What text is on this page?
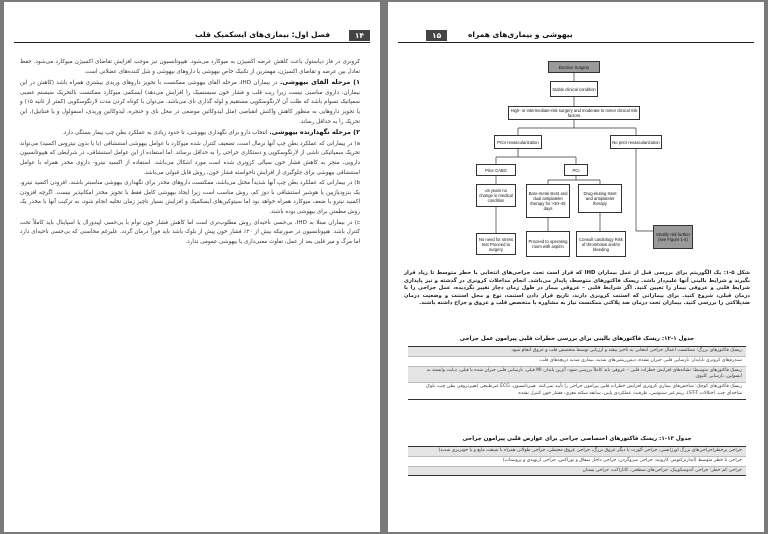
۱۴
فصل اول: بیماری‌های ایسکمیک قلب

کرونری در فاز دیاستول باعث کاهش عرضه اکسیژن به میوکارد می‌شود. هیپوتانسیون نیز موجب افزایش تقاضای اکسیژن میوکارد می‌شود. حفظ تعادل بین عرضه و تقاضای اکسیژن، مهمترین از تکنیک خاص بیهوشی یا داروهای بیهوشی و شل کننده‌های عضلانی است.

۱) مرحله القای بیهوشی. در بیماران IHD، مرحله القای بیهوشی ممکنست با تجویز داروهای وریدی بیشتری همراه باشد (کاهش در این بیماران، داروی مناسبی نیست زیرا ریت قلب و فشار خون سیستمیک را افزایش می‌دهد) ایسکمی میوکارد ممکنست بالتحریک سیستم عصبی سمپاتیک تسوام باشد که طلت آن لارنگوسکوپی مستقیم و لوله گذاری نای می‌باشد. می‌توان با کوتاه کردن مدت لارنگوسکوپی (کمتر از ثانیه ۱۵) و یا تجویز داروهایی به منظور کاهش واکنش انقباضی (مثل لیدوکائین موضعی در محل نای و حنجره، لیدوکائین وریدی، اسمولول و یا فنتانیل)، این تحریک را به حداقل رساند.

۲) مرحله نگهدارنده بیهوشی. انتخاب دارو برای نگهداری بیهوشی، تا حدود زیادی به عملکرد بطن چپ بیمار بستگی دارد.

a) در بیمارانی که عملکرد بطن چپ آنها نرمال است، تضعیف کنترل شده میوکارد با عوامل بیهوشی استنشاقی (با یا بدون نیتروس اکسید) می‌تواند تحریک سمپاتیکی ناشی از لارنگوسکوپی و دستکاری جراحی را به حداقل برساند. اما استفاده از این عوامل استنشاقی، در شرایطی که هیپوتانسیون دارویی، منجر به کاهش فشار خون سیالی کرونری شده است مورد اشکال می‌باشد. استفاده از اکسید نیترو- داروی مخدر همراه با عوامل استنشاقی بیهوشی برای جلوگیری از افزایش ناخواسته فشار خون، روش قابل قبولی می‌باشد.

b) در بیمارانی که عملکرد بطن چپ آنها شدیداً مختل می‌باشد، ممکنست داروهای مخدر برای نگهداری بیهوشی مناسبتر باشند. افزودن اکسید نیترو، یک بنزودیازپین یا هوشبر استنشاقی با دوز کم، روش مناسب است زیرا ایجاد بیهوشی کامل فقط با تجویز مخدر امکانپذیر نیست. اگرچه افزودن اکسید نیترو با ضعف میوکارد همراه خواهد بود اما سیتوکین‌های ایسکمیک و افزایش بسیار ناچیز زمان تخلیه انجام شود، به ترکیب آنها با مخدر یک روش مطمئن برای بیهوشی بوده باشند.

c) در بیماران مبتلا به IHD، بی‌حسی ناحیه‌ای روش مطلوب‌تری است اما کاهش فشار خون توأم با بی‌حسی اپیدورال یا اسپاینال باید کاملاً تحت کنترل باشد. هیپوتانسیون در صورتیکه بیش از ۲۰٪ فشار خون پیش از بلوک باشد باید فوراً درمان گردد. علیرغم محاسنی که بی‌حسی ناحیه‌ای دارد اما مرگ و میر قلبی بعد از عمل، تفاوت معنی‌داری با بیهوشی عمومی ندارد.

۱۵	بیهوشی و بیماری‌های همراه
Elective Surgery
Stable clinical condition
High- or intermediate-risk surgery and moderate to minor clinical risk factors
Prior revascularization	No prior revascularization
Prior CABG	PCI
≤5 years no change in medical condition
Bare-metal stent and dual antiplatelet therapy for >30–45 days
Drug-eluting stent and antiplatelet therapy
No need for stress test Proceed to surgery
Proceed to operating room with aspirin
Consult cardiology Risk of thrombosis and/or bleeding
Stratify risk further (see Figure 1-4)
شکل ۵-۱: یک الگوریتم برای بررسی قبل از عمل بیماران IHD که قرار است تحت جراحی‌های انتخابی با خطر متوسط تا زیاد قرار بگیرند و شرایط بالینی آنها علیم‌دار باشد. ریسک فاکتورهای متوسط، پایدار می‌باشد. انجام مداخلات کرونری در گذشته و نیز پایداری شرایط قلبی و عروقی بیمار را تعیین کنید. اگر شرایط قلبی – عروقی بیمار در طول زمان دچار تغییر نگردیده، عمل جراحی را با درمان قبلی، شروع کنید. برای بیمارانی که استنت کرونری دارند، تاریخ قرار دادن استنت، نوع و محل استنت و وضعیت درمان ضدپلاکتی را بررسی کنید. بیماران تحت درمان ضد پلاکتی ممکنست نیاز به مشاوره با متخصص قلب و عروق و جراح داشته باشند.
جدول ۱-۱۲: ریسک فاکتورهای بالینی برای بررسی خطرات قلبی پیرامون عمل جراحی
ریسک فاکتورهای بزرگ: ممکنست اعمال جراحی انتخابی به تأخیر بیفتد و ارزیابی توسط متخصص قلب و عروق انجام شود.
سندرم‌های کرونری ناپایدار: نارسایی قلبی جبران نشده، دیس‌ریتمی‌های شدید، بیماری شدید دریچه‌های قلب.
ریسک فاکتورهای متوسط: نشانه‌های افزایش خطرات قلبی – عروقی باید کاملاً بررسی شود. آنژین پایدار، MI قبلی، نارسایی قلبی جبران شده یا قبلی، دیابت وابسته به انسولین، نارسایی کلیوی.
ریسک فاکتورهای کوچک: شاخص‌های بیماری کرونری افزایش خطرات قلبی پیرامون جراحی را تأیید نمی‌کنند. هیپرتانسیون، ECG غیرطبیعی (هیپرتروفی بطن چپ، بلوک شاخه‌ای چپ، اختلالات ST-T)، ریتم غیر سینوسی، ظرفیت عملکردی پایین، سابقه سکته مغزی، فشار خون کنترل نشده.
جدول ۱۳-۱: ریسک فاکتورهای اختصاصی جراحی برای عوارض قلبی پیرامون جراحی
جراحی پرخطر(جراحی‌های بزرگ اورژانسی، جراحی آئورت یا دیگر عروق بزرگ، جراحی عروق محیطی، جراحی طولانی همراه با شیفت مایع و یا خونریزی شدید)
جراحی با خطر متوسط (اندارترکتومی کاروتید، جراحی سروگردن، جراحی داخل صفاق و توراکس، جراحی ارتوپدی و پروستات)
جراحی کم خطر: جراحی آندوسکوپیک، جراحی‌های سطحی، کاتاراکت، جراحی پستان
